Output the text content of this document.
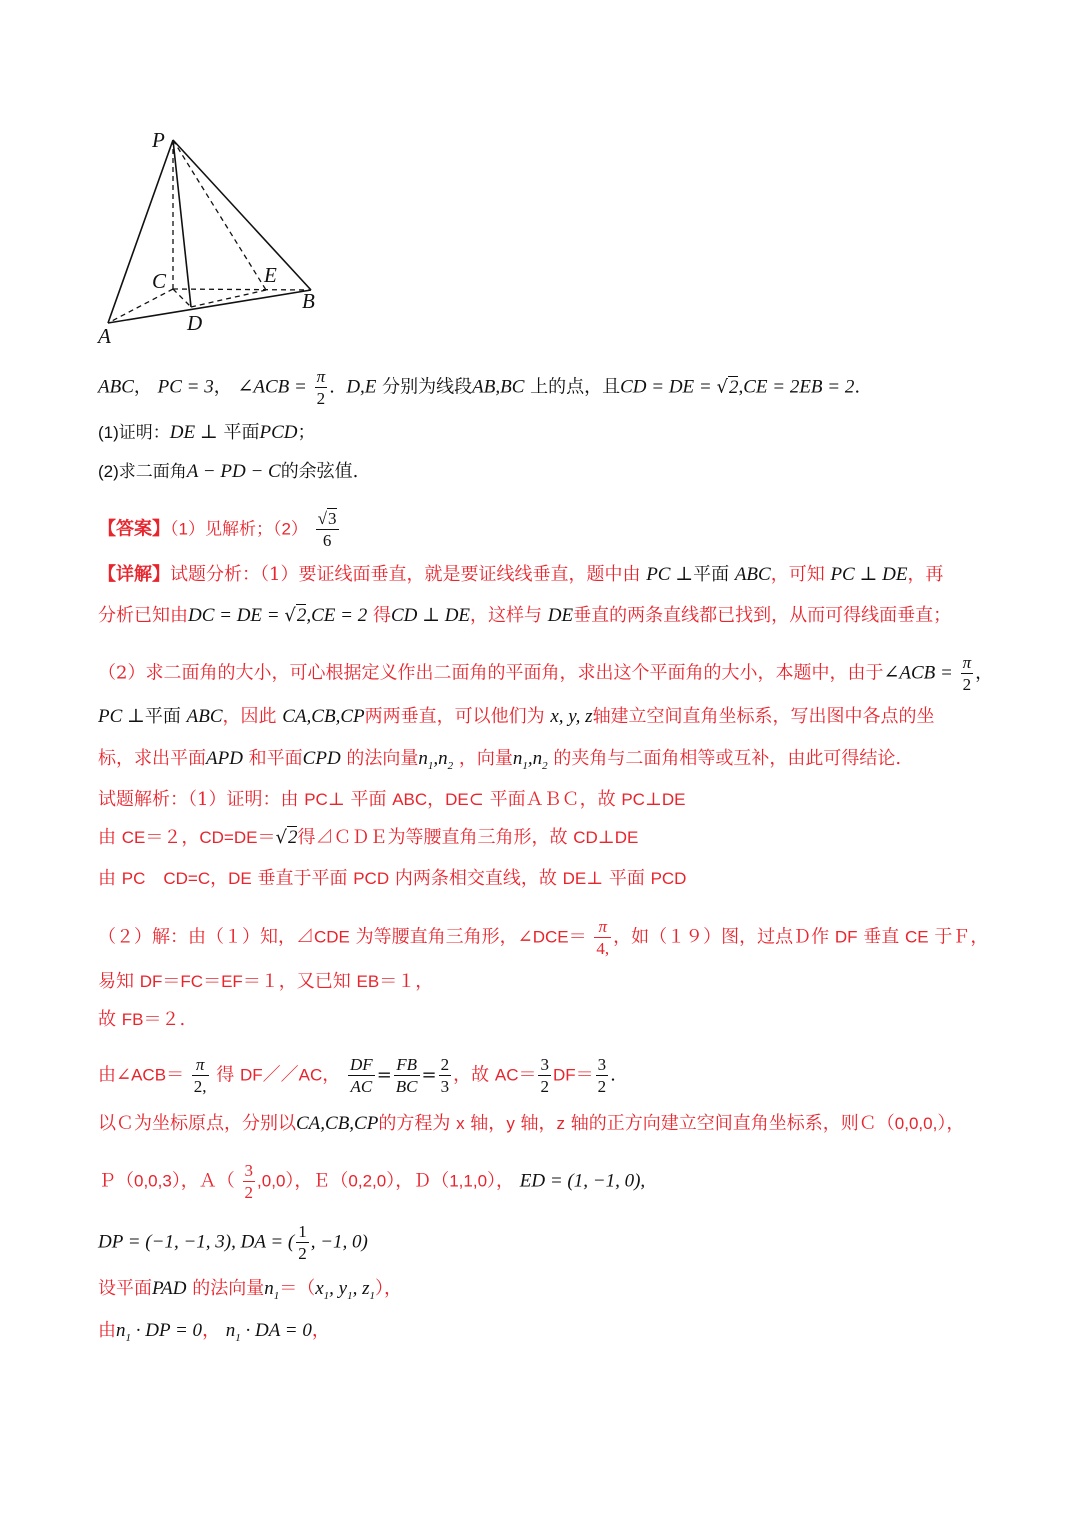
P
C	E
B
A
D
ABC， PC = 3， ∠ACB = $\frac{\pi}{2}$ . D,E 分别为线段AB,BC 上的点，且CD = DE = √2,CE = 2EB = 2.
(1)证明：DE ⊥ 平面PCD；
(2)求二面角A − PD − C的余弦值.
【答案】（1）见解析；$(2) \frac{√3}{6}$
【详解】试题分析：（1）要证线面垂直，就是要证线线垂直，题中由 PC ⊥平面 ABC，可知 PC ⊥ DE，再
分析已知由DC = DE = √2,CE = 2 得CD ⊥ DE，这样与 DE垂直的两条直线都已找到，从而可得线面垂直；
（2）求二面角的大小，可心根据定义作出二面角的平面角，求出这个平面角的大小，本题中，由于∠ACB = $\frac{\pi}{2}$ ，
PC ⊥平面 ABC，因此 CA,CB,CP两两垂直，可以他们为 x, y, z轴建立空间直角坐标系，写出图中各点的坐
标，求出平面APD 和平面CPD 的法向量$n_1,n_2$ ，向量$n_1,n_2$ 的夹角与二面角相等或互补，由此可得结论.
试题解析：（1）证明：由 PC⊥ 平面 ABC，DE⊂ 平面ＡＢＣ，故 PC⊥DE
由 CE＝２，CD=DE＝√2得⊿ＣＤＥ为等腰直角三角形，故 CD⊥DE
由 PC　 CD=C，DE 垂直于平面 PCD 内两条相交直线，故 DE⊥ 平面 PCD
（２）解：由（１）知，⊿CDE 为等腰直角三角形，∠DCE＝ $\frac{\pi}{4,}$ ，如（１９）图，过点Ｄ作 DF 垂直 CE 于Ｆ，
易知 DF＝FC＝EF＝１，又已知 EB＝１，
故 FB＝２.
由∠ACB＝ $\frac{\pi}{2,}$ 得 DF／／AC， $\frac{DF}{AC} = \frac{FB}{BC} = \frac{2}{3}$ ，故 $AC= \frac{3}{2} DF= \frac{3}{2}$ .
以Ｃ为坐标原点，分别以CA,CB,CP的方程为 x 轴，y 轴，z 轴的正方向建立空间直角坐标系，则Ｃ（0,0,0,），
Ｐ（0,0,3），Ａ（ $\frac{3}{2} ,0,0$），Ｅ（0,2,0），Ｄ（1,1,0）， ED = (1, −1, 0),
DP = (−1, −1, 3), DA = ( $\frac{1}{2}$ , −1, 0)
设平面PAD 的法向量$n_1=(x_1$, $y_1$, $z_1$），
由$n_1$ · DP = 0， $n_1$ · DA = 0，
